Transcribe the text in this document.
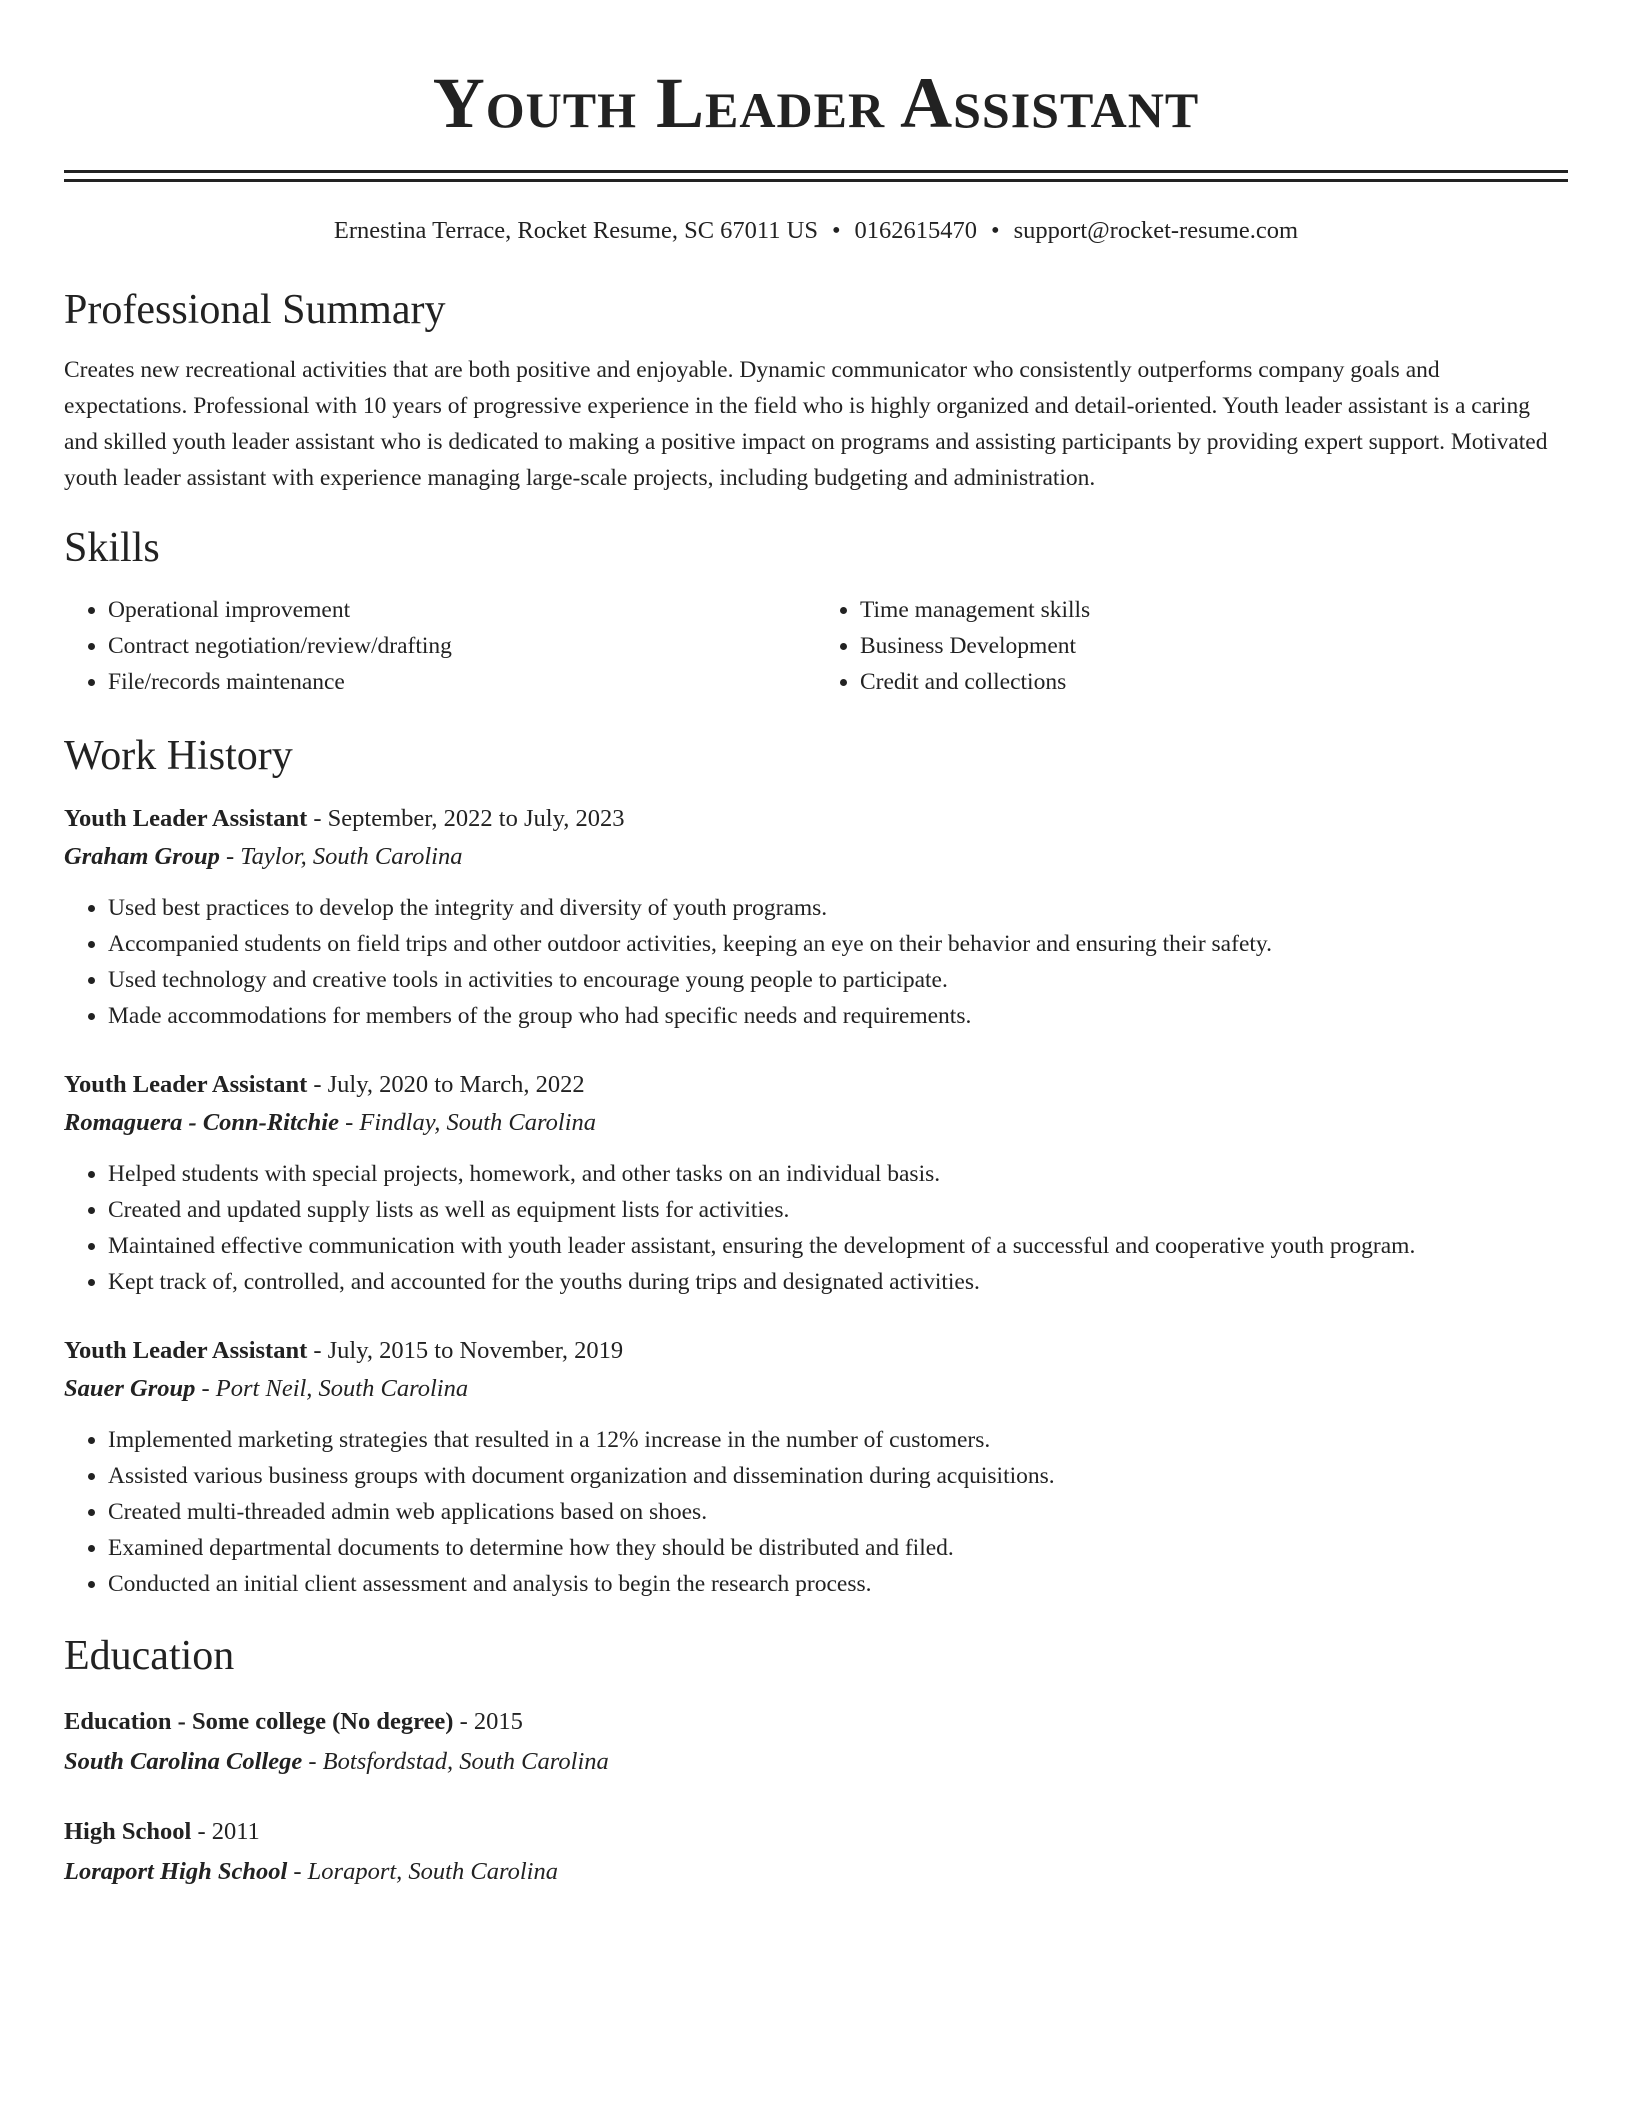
Youth Leader Assistant
Ernestina Terrace, Rocket Resume, SC 67011 US • 0162615470 • support@rocket-resume.com
Professional Summary
Creates new recreational activities that are both positive and enjoyable. Dynamic communicator who consistently outperforms company goals and expectations. Professional with 10 years of progressive experience in the field who is highly organized and detail-oriented. Youth leader assistant is a caring and skilled youth leader assistant who is dedicated to making a positive impact on programs and assisting participants by providing expert support. Motivated youth leader assistant with experience managing large-scale projects, including budgeting and administration.
Skills
• Operational improvement
• Contract negotiation/review/drafting
• File/records maintenance
• Time management skills
• Business Development
• Credit and collections
Work History
Youth Leader Assistant - September, 2022 to July, 2023
Graham Group - Taylor, South Carolina
• Used best practices to develop the integrity and diversity of youth programs.
• Accompanied students on field trips and other outdoor activities, keeping an eye on their behavior and ensuring their safety.
• Used technology and creative tools in activities to encourage young people to participate.
• Made accommodations for members of the group who had specific needs and requirements.
Youth Leader Assistant - July, 2020 to March, 2022
Romaguera - Conn-Ritchie - Findlay, South Carolina
• Helped students with special projects, homework, and other tasks on an individual basis.
• Created and updated supply lists as well as equipment lists for activities.
• Maintained effective communication with youth leader assistant, ensuring the development of a successful and cooperative youth program.
• Kept track of, controlled, and accounted for the youths during trips and designated activities.
Youth Leader Assistant - July, 2015 to November, 2019
Sauer Group - Port Neil, South Carolina
• Implemented marketing strategies that resulted in a 12% increase in the number of customers.
• Assisted various business groups with document organization and dissemination during acquisitions.
• Created multi-threaded admin web applications based on shoes.
• Examined departmental documents to determine how they should be distributed and filed.
• Conducted an initial client assessment and analysis to begin the research process.
Education
Education - Some college (No degree) - 2015
South Carolina College - Botsfordstad, South Carolina
High School - 2011
Loraport High School - Loraport, South Carolina
